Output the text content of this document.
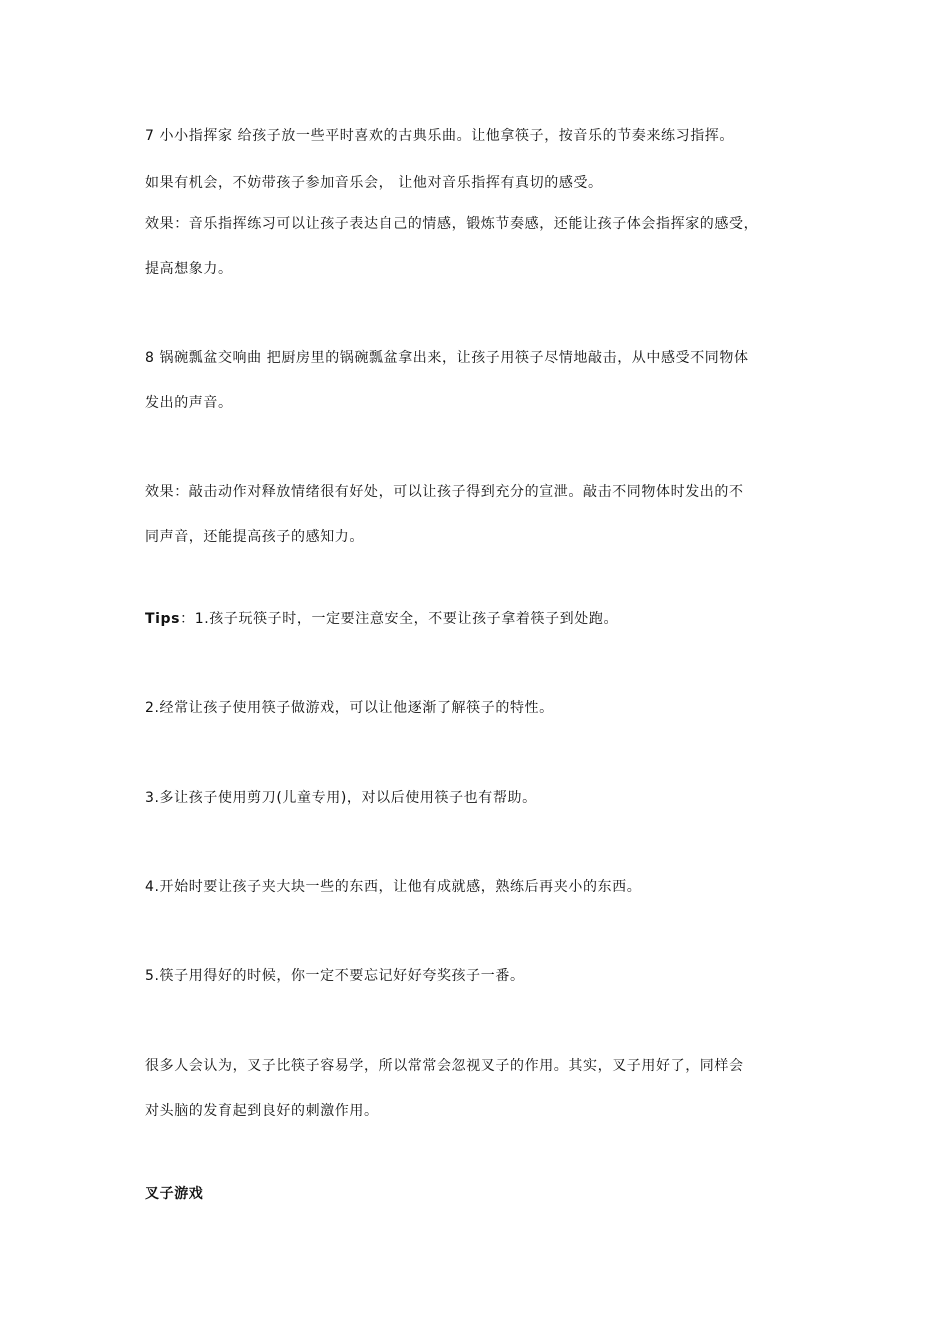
7 小小指挥家 给孩子放一些平时喜欢的古典乐曲。让他拿筷子，按音乐的节奏来练习指挥。
如果有机会，不妨带孩子参加音乐会， 让他对音乐指挥有真切的感受。
效果：音乐指挥练习可以让孩子表达自己的情感，锻炼节奏感，还能让孩子体会指挥家的感受，
提高想象力。
8 锅碗瓢盆交响曲 把厨房里的锅碗瓢盆拿出来，让孩子用筷子尽情地敲击，从中感受不同物体
发出的声音。
效果：敲击动作对释放情绪很有好处，可以让孩子得到充分的宣泄。敲击不同物体时发出的不
同声音，还能提高孩子的感知力。
Tips：1.孩子玩筷子时，一定要注意安全，不要让孩子拿着筷子到处跑。
2.经常让孩子使用筷子做游戏，可以让他逐渐了解筷子的特性。
3.多让孩子使用剪刀(儿童专用)，对以后使用筷子也有帮助。
4.开始时要让孩子夹大块一些的东西，让他有成就感，熟练后再夹小的东西。
5.筷子用得好的时候，你一定不要忘记好好夸奖孩子一番。
很多人会认为，叉子比筷子容易学，所以常常会忽视叉子的作用。其实，叉子用好了，同样会
对头脑的发育起到良好的刺激作用。
叉子游戏
